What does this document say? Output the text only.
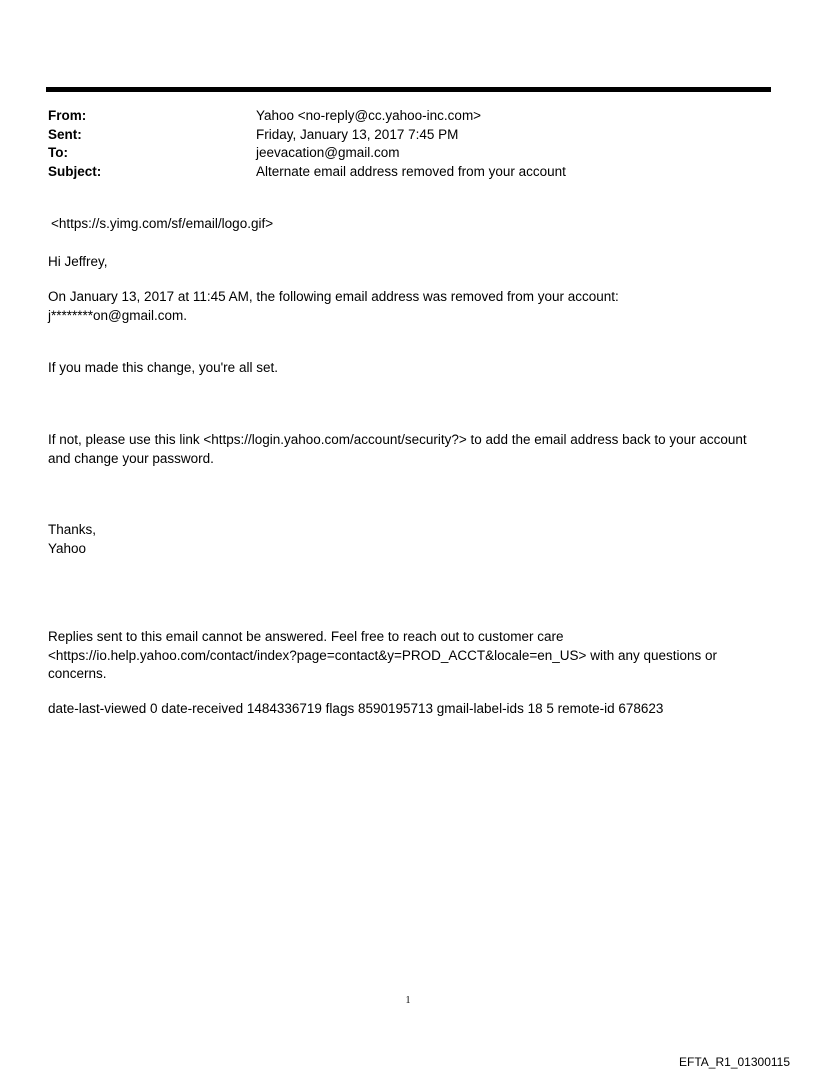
From:	Yahoo <no-reply@cc.yahoo-inc.com>
Sent:	Friday, January 13, 2017 7:45 PM
To:	jeevacation@gmail.com
Subject:	Alternate email address removed from your account

<https://s.yimg.com/sf/email/logo.gif>

Hi Jeffrey,

On January 13, 2017 at 11:45 AM, the following email address was removed from your account:
j********on@gmail.com.

If you made this change, you're all set.

If not, please use this link <https://login.yahoo.com/account/security?> to add the email address back to your account
and change your password.
Thanks,
Yahoo
Replies sent to this email cannot be answered. Feel free to reach out to customer care
<https://io.help.yahoo.com/contact/index?page=contact&y=PROD_ACCT&locale=en_US> with any questions or
concerns.

date-last-viewed 0 date-received 1484336719 flags 8590195713 gmail-label-ids 18 5 remote-id 678623

1
EFTA_R1_01300115
